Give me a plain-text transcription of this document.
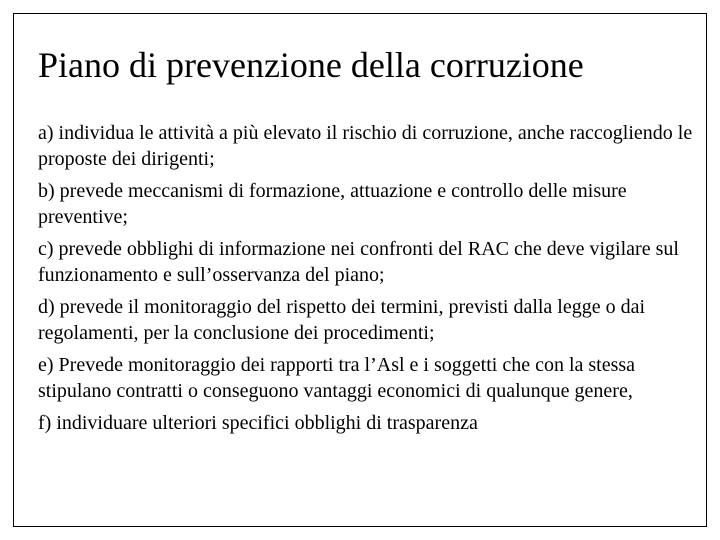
Piano di prevenzione della corruzione
a) individua le attività a più elevato il rischio di corruzione, anche raccogliendo le proposte dei dirigenti;
b) prevede meccanismi di formazione, attuazione e controllo delle misure preventive;
c) prevede obblighi di informazione nei confronti del RAC che deve vigilare sul funzionamento e sull’osservanza del piano;
d) prevede il monitoraggio del rispetto dei termini, previsti dalla legge o dai regolamenti, per la conclusione dei procedimenti;
e) Prevede monitoraggio dei rapporti tra l’Asl e i soggetti che con la stessa stipulano contratti o conseguono vantaggi economici di qualunque genere,
f) individuare ulteriori specifici obblighi di trasparenza
